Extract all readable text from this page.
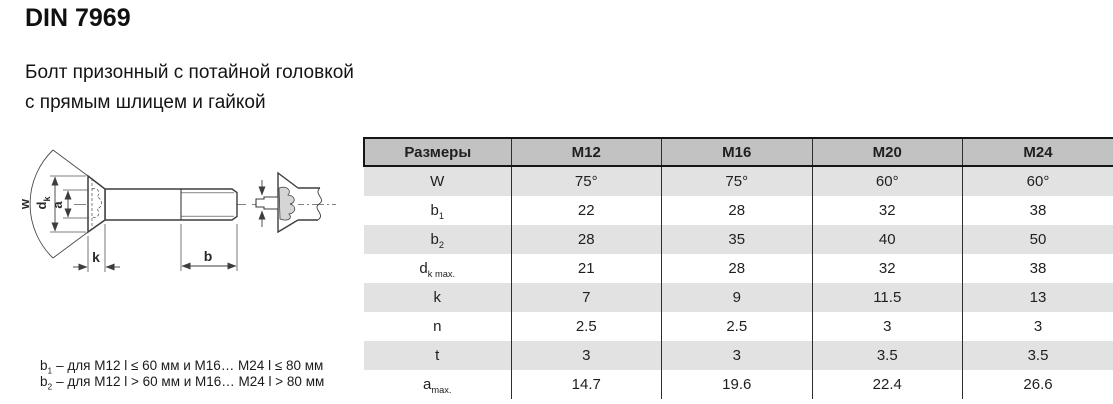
DIN 7969
Болт призонный с потайной головкой
с прямым шлицем и гайкой
$d_k$
a
w
k	b
Размеры	M12	M16	M20	M24
W	75°	75°	60°	60°
$b_1$	22	28	32	38
$b_2$	28	35	40	50
$d_{k max.}$	21	28	32	38
k	7	9	11.5	13
n	2.5	2.5	3	3
t	3	3	3.5	3.5
$a_{max.}$	14.7	19.6	22.4	26.6
$b_1$ – для M12 l ≤ 60 мм и M16… M24 l ≤ 80 мм
$b_2$ – для M12 l > 60 мм и M16… M24 l > 80 мм
